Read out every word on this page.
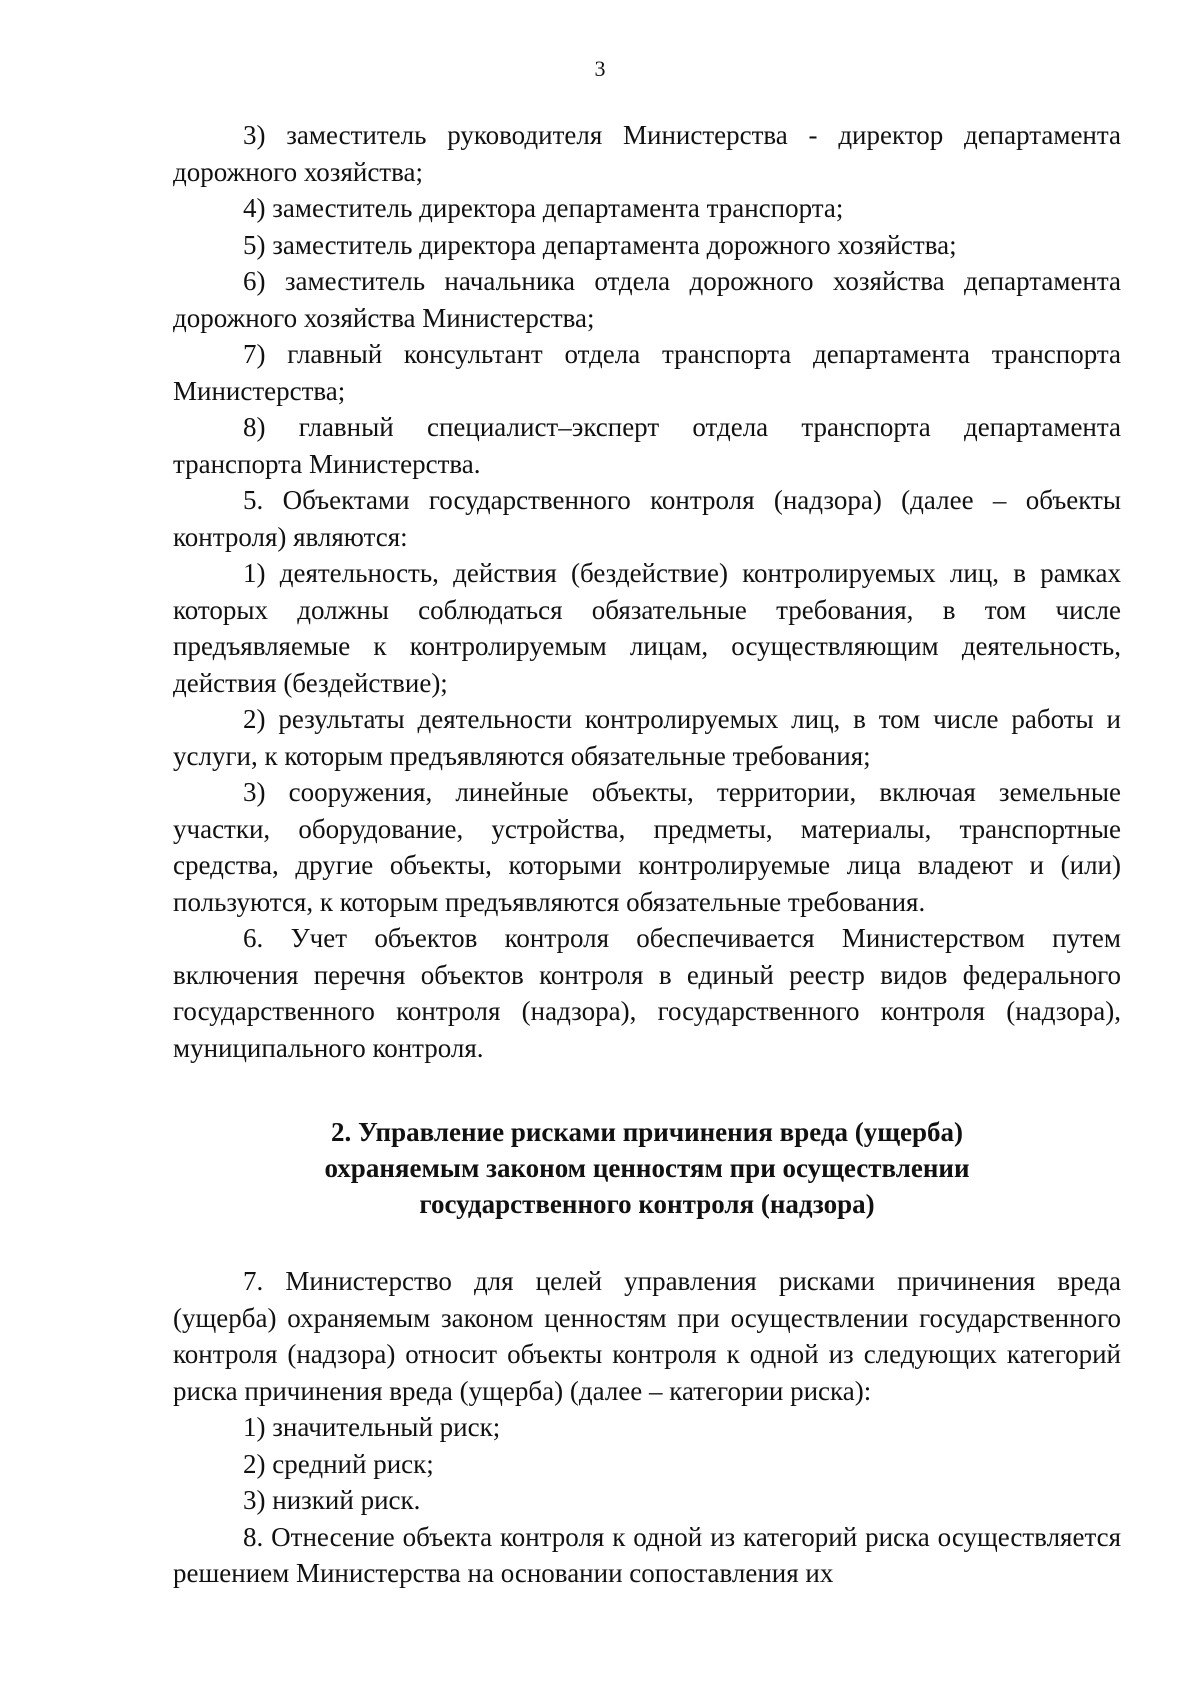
3

3) заместитель руководителя Министерства - директор департамента дорожного хозяйства;

4) заместитель директора департамента транспорта;

5) заместитель директора департамента дорожного хозяйства;

6) заместитель начальника отдела дорожного хозяйства департамента дорожного хозяйства Министерства;

7) главный консультант отдела транспорта департамента транспорта Министерства;

8) главный специалист–эксперт отдела транспорта департамента транспорта Министерства.

5. Объектами государственного контроля (надзора) (далее – объекты контроля) являются:

1) деятельность, действия (бездействие) контролируемых лиц, в рамках которых должны соблюдаться обязательные требования, в том числе предъявляемые к контролируемым лицам, осуществляющим деятельность, действия (бездействие);

2) результаты деятельности контролируемых лиц, в том числе работы и услуги, к которым предъявляются обязательные требования;

3) сооружения, линейные объекты, территории, включая земельные участки, оборудование, устройства, предметы, материалы, транспортные средства, другие объекты, которыми контролируемые лица владеют и (или) пользуются, к которым предъявляются обязательные требования.

6. Учет объектов контроля обеспечивается Министерством путем включения перечня объектов контроля в единый реестр видов федерального государственного контроля (надзора), государственного контроля (надзора), муниципального контроля.

2. Управление рисками причинения вреда (ущерба)
охраняемым законом ценностям при осуществлении
государственного контроля (надзора)

7. Министерство для целей управления рисками причинения вреда (ущерба) охраняемым законом ценностям при осуществлении государственного контроля (надзора) относит объекты контроля к одной из следующих категорий риска причинения вреда (ущерба) (далее – категории риска):

1) значительный риск;

2) средний риск;

3) низкий риск.

8. Отнесение объекта контроля к одной из категорий риска осуществляется решением Министерства на основании сопоставления их
